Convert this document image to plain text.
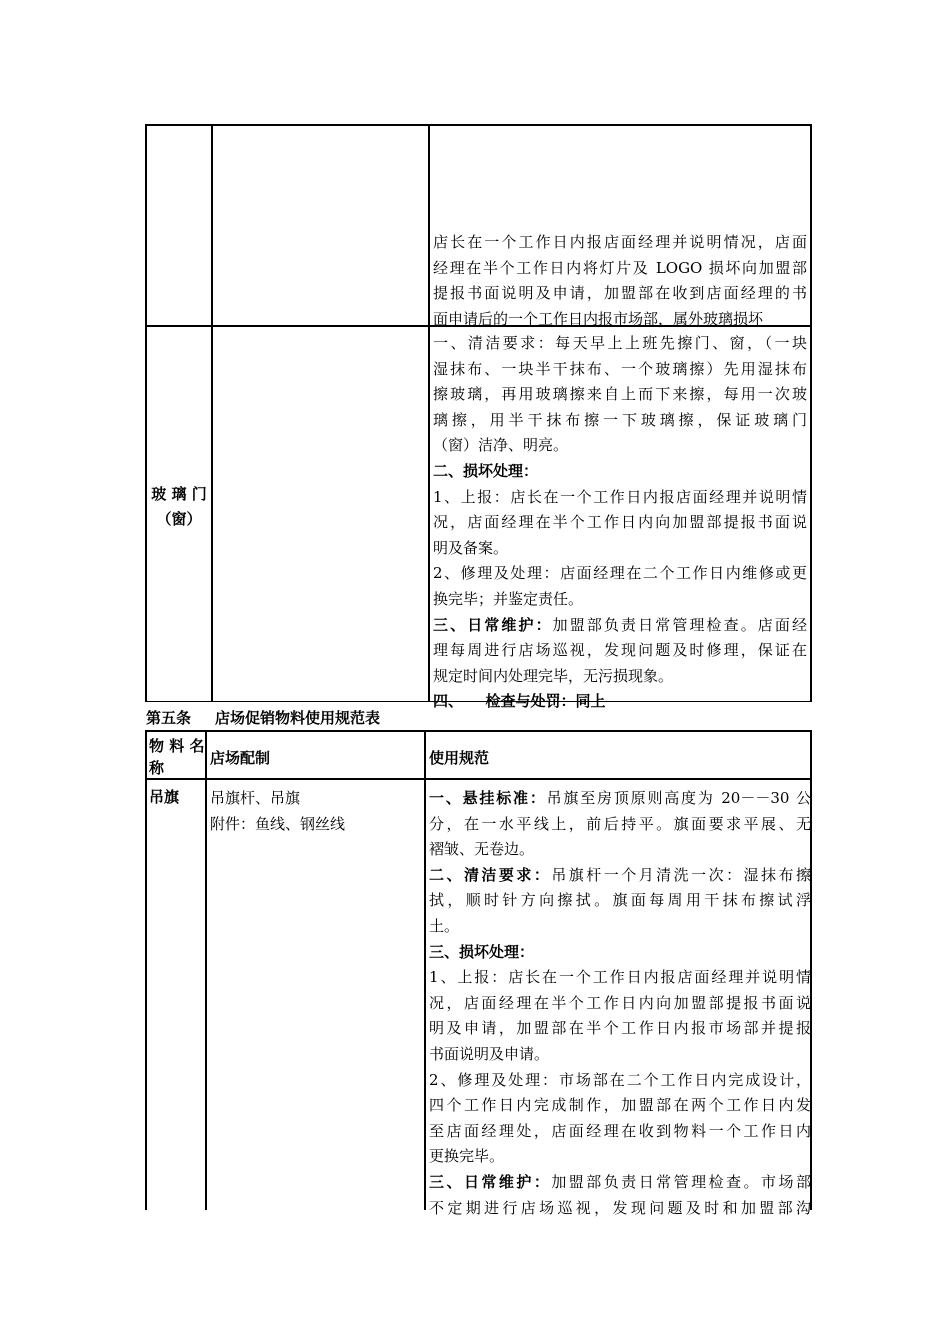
店长在一个工作日内报店面经理并说明情况，店面
经理在半个工作日内将灯片及 LOGO 损坏向加盟部
提报书面说明及申请，加盟部在收到店面经理的书
面申请后的一个工作日内报市场部，属外玻璃损坏
玻 璃 门
（窗）
一、清洁要求：每天早上上班先擦门、窗，（一块
湿抹布、一块半干抹布、一个玻璃擦）先用湿抹布
擦玻璃，再用玻璃擦来自上而下来擦，每用一次玻
璃擦，用半干抹布擦一下玻璃擦，保证玻璃门
（窗）洁净、明亮。
二、损坏处理：
1、上报：店长在一个工作日内报店面经理并说明情
况，店面经理在半个工作日内向加盟部提报书面说
明及备案。
2、修理及处理：店面经理在二个工作日内维修或更
换完毕；并鉴定责任。
三、日常维护：加盟部负责日常管理检查。店面经
理每周进行店场巡视，发现问题及时修理，保证在
规定时间内处理完毕，无污损现象。
四、　　检查与处罚：同上
第五条 店场促销物料使用规范表
物 料 名
称
店场配制	使用规范
吊旗 吊旗杆、吊旗
附件：鱼线、钢丝线
一、悬挂标准：吊旗至房顶原则高度为 20－－30 公
分，在一水平线上，前后持平。旗面要求平展、无
褶皱、无卷边。
二、清洁要求：吊旗杆一个月清洗一次：湿抹布擦
拭，顺时针方向擦拭。旗面每周用干抹布擦试浮
土。
三、损坏处理：
1、上报：店长在一个工作日内报店面经理并说明情
况，店面经理在半个工作日内向加盟部提报书面说
明及申请，加盟部在半个工作日内报市场部并提报
书面说明及申请。
2、修理及处理：市场部在二个工作日内完成设计，
四个工作日内完成制作，加盟部在两个工作日内发
至店面经理处，店面经理在收到物料一个工作日内
更换完毕。
三、日常维护：加盟部负责日常管理检查。市场部
不定期进行店场巡视，发现问题及时和加盟部沟
